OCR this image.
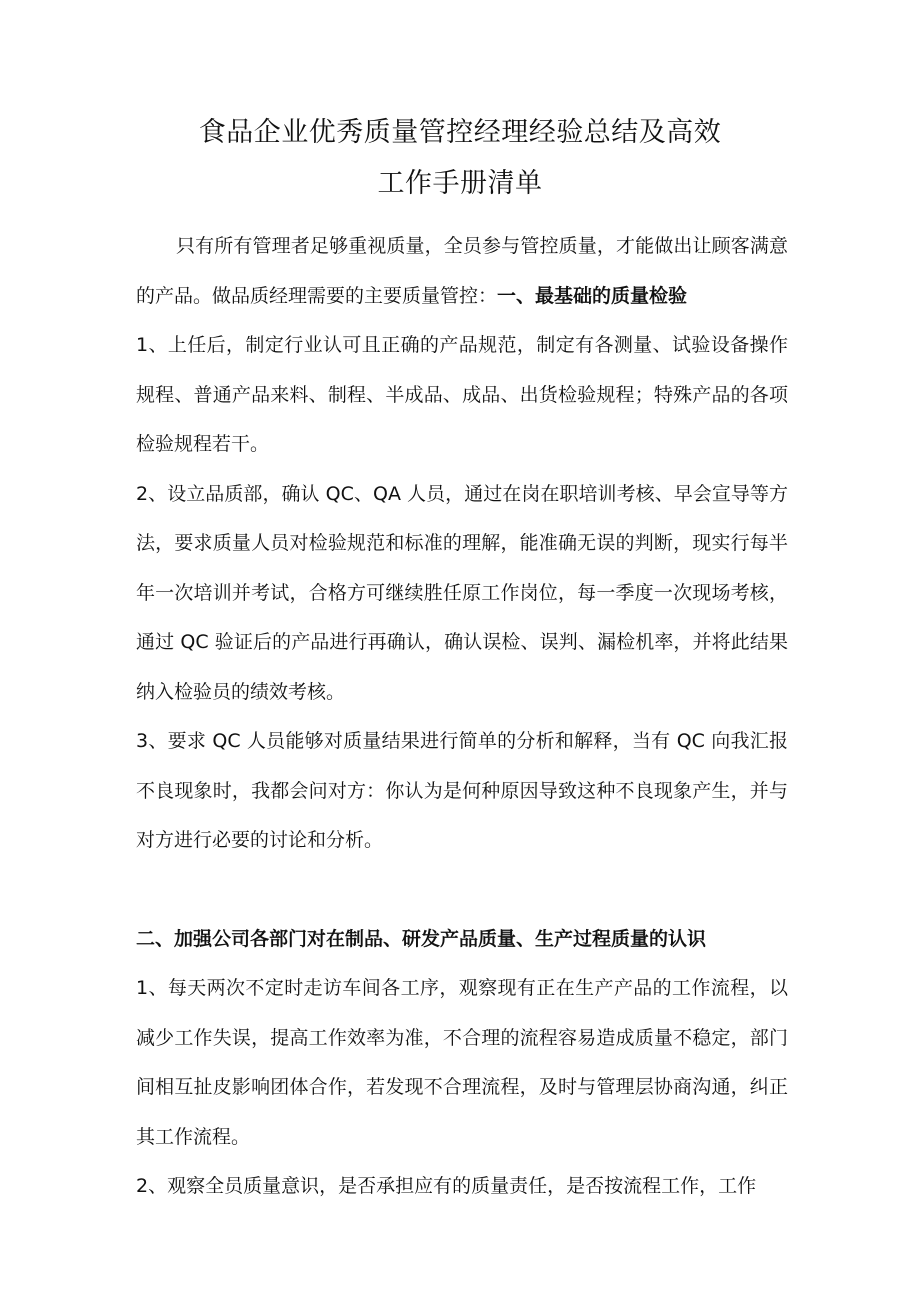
食品企业优秀质量管控经理经验总结及高效
工作手册清单

只有所有管理者足够重视质量，全员参与管控质量，才能做出让顾客满意的产品。做品质经理需要的主要质量管控：一、最基础的质量检验

1、上任后，制定行业认可且正确的产品规范，制定有各测量、试验设备操作规程、普通产品来料、制程、半成品、成品、出货检验规程；特殊产品的各项检验规程若干。

2、设立品质部，确认 QC、QA 人员，通过在岗在职培训考核、早会宣导等方法，要求质量人员对检验规范和标准的理解，能准确无误的判断，现实行每半年一次培训并考试，合格方可继续胜任原工作岗位，每一季度一次现场考核，通过 QC 验证后的产品进行再确认，确认误检、误判、漏检机率，并将此结果纳入检验员的绩效考核。

3、要求 QC 人员能够对质量结果进行简单的分析和解释，当有 QC 向我汇报不良现象时，我都会问对方：你认为是何种原因导致这种不良现象产生，并与对方进行必要的讨论和分析。

二、加强公司各部门对在制品、研发产品质量、生产过程质量的认识

1、每天两次不定时走访车间各工序，观察现有正在生产产品的工作流程，以减少工作失误，提高工作效率为准，不合理的流程容易造成质量不稳定，部门间相互扯皮影响团体合作，若发现不合理流程，及时与管理层协商沟通，纠正其工作流程。

2、观察全员质量意识，是否承担应有的质量责任，是否按流程工作，工作
